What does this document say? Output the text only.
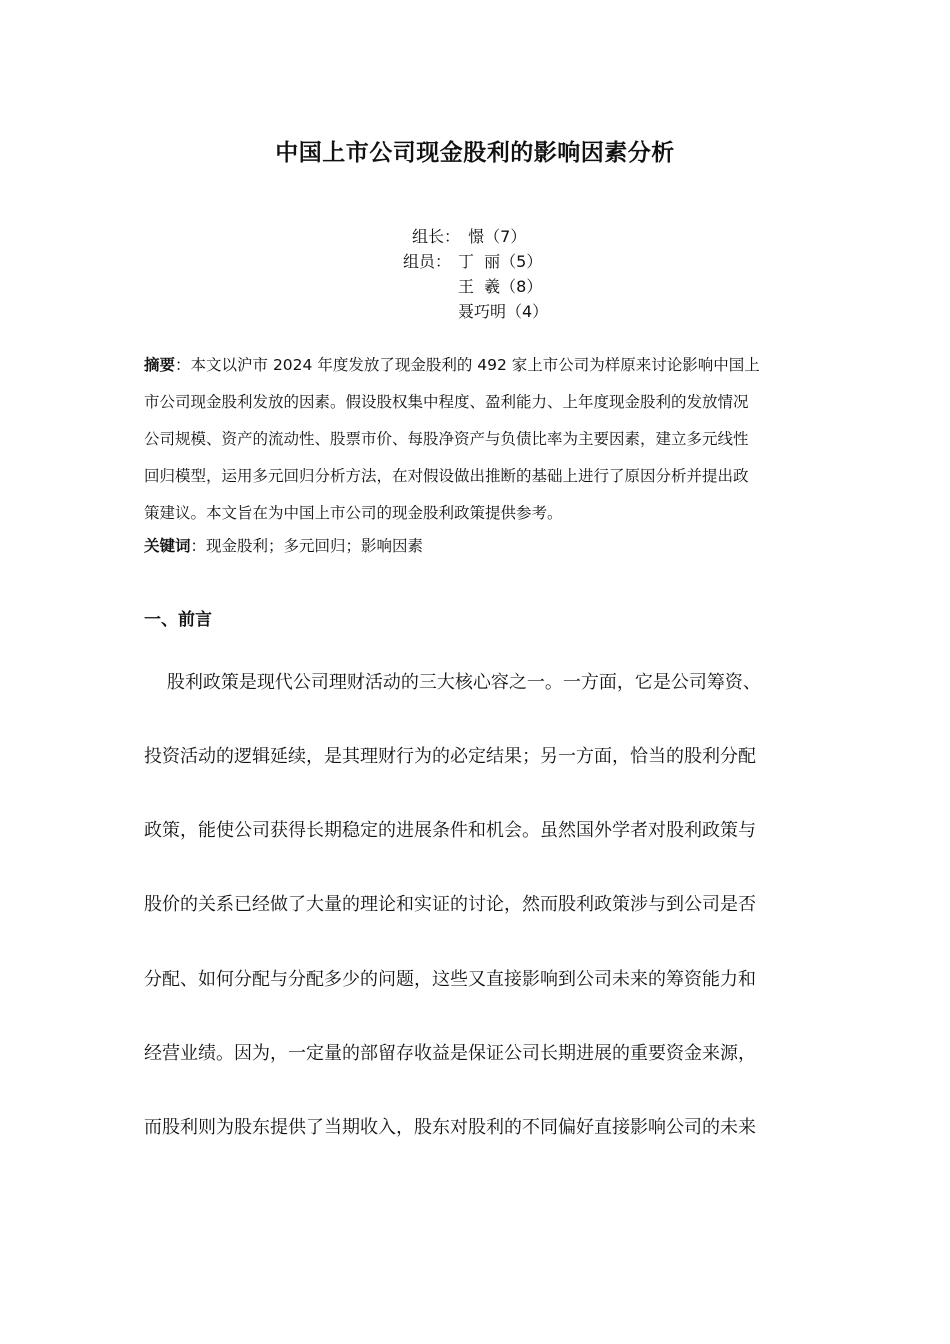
中国上市公司现金股利的影响因素分析
组长：
憬（7）
组员： 丁  丽（5）
王  羲（8）
聂巧明（4）
摘要：本文以沪市 2024 年度发放了现金股利的 492 家上市公司为样原来讨论影响中国上
市公司现金股利发放的因素。假设股权集中程度、盈利能力、上年度现金股利的发放情况
公司规模、资产的流动性、股票市价、每股净资产与负债比率为主要因素，建立多元线性
回归模型，运用多元回归分析方法，在对假设做出推断的基础上进行了原因分析并提出政
策建议。本文旨在为中国上市公司的现金股利政策提供参考。
关键词：现金股利；多元回归；影响因素
一、前言
股利政策是现代公司理财活动的三大核心容之一。一方面，它是公司筹资、
投资活动的逻辑延续，是其理财行为的必定结果；另一方面，恰当的股利分配
政策，能使公司获得长期稳定的进展条件和机会。虽然国外学者对股利政策与
股价的关系已经做了大量的理论和实证的讨论，然而股利政策涉与到公司是否
分配、如何分配与分配多少的问题，这些又直接影响到公司未来的筹资能力和
经营业绩。因为，一定量的部留存收益是保证公司长期进展的重要资金来源，
而股利则为股东提供了当期收入，股东对股利的不同偏好直接影响公司的未来
